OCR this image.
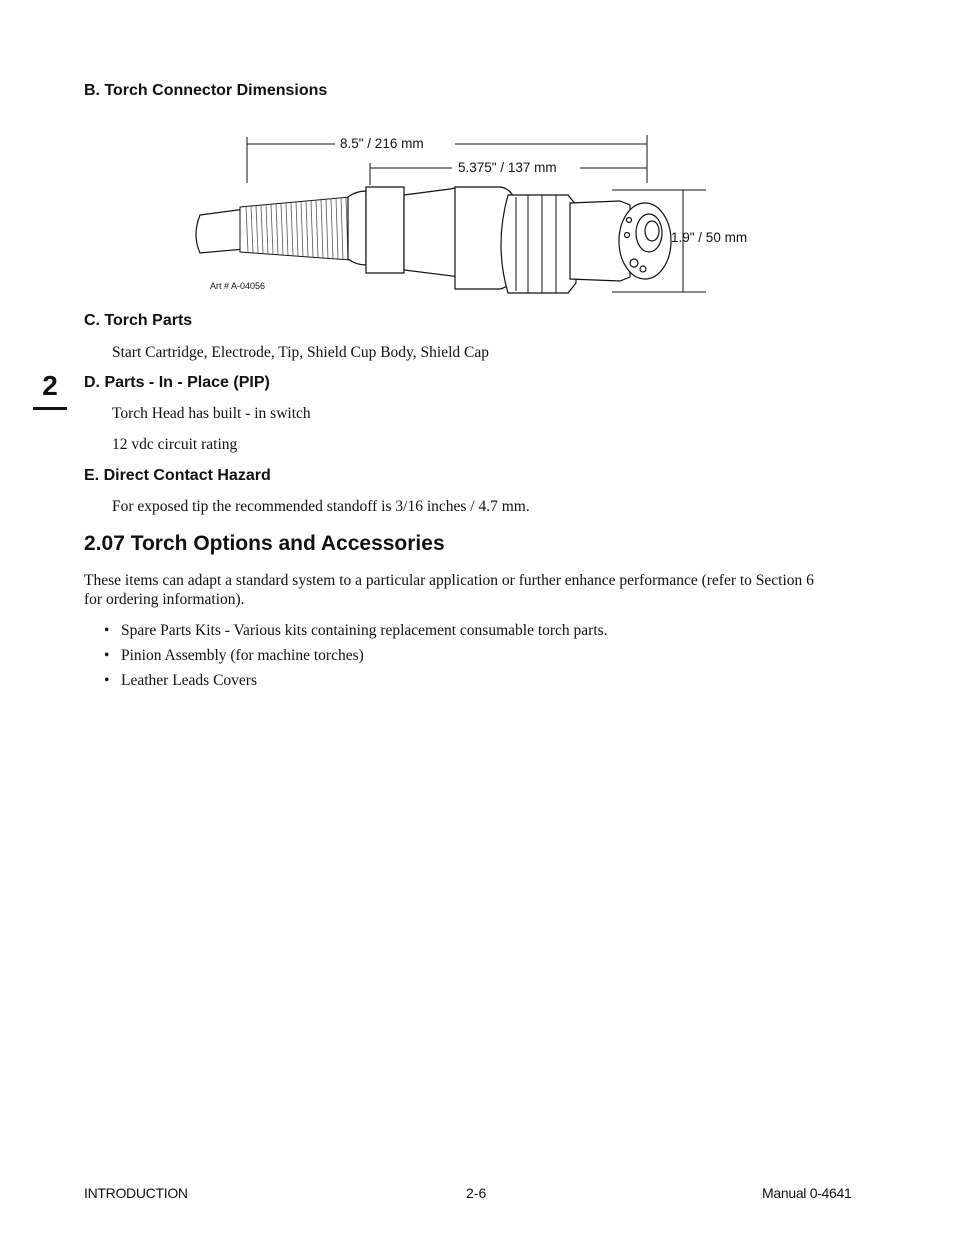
B. Torch Connector Dimensions
8.5" / 216 mm
5.375" / 137 mm
1.9" / 50 mm
Art # A-04056
C. Torch Parts
Start Cartridge, Electrode, Tip, Shield Cup Body, Shield Cap
2	D. Parts - In - Place (PIP)
Torch Head has built - in switch
12 vdc circuit rating
E. Direct Contact Hazard
For exposed tip the recommended standoff is 3/16 inches / 4.7 mm.
2.07 Torch Options and Accessories
These items can adapt a standard system to a particular application or further enhance performance (refer to Section 6
for ordering information).
• Spare Parts Kits - Various kits containing replacement consumable torch parts.
• Pinion Assembly (for machine torches)
• Leather Leads Covers
INTRODUCTION	2-6	Manual 0-4641
